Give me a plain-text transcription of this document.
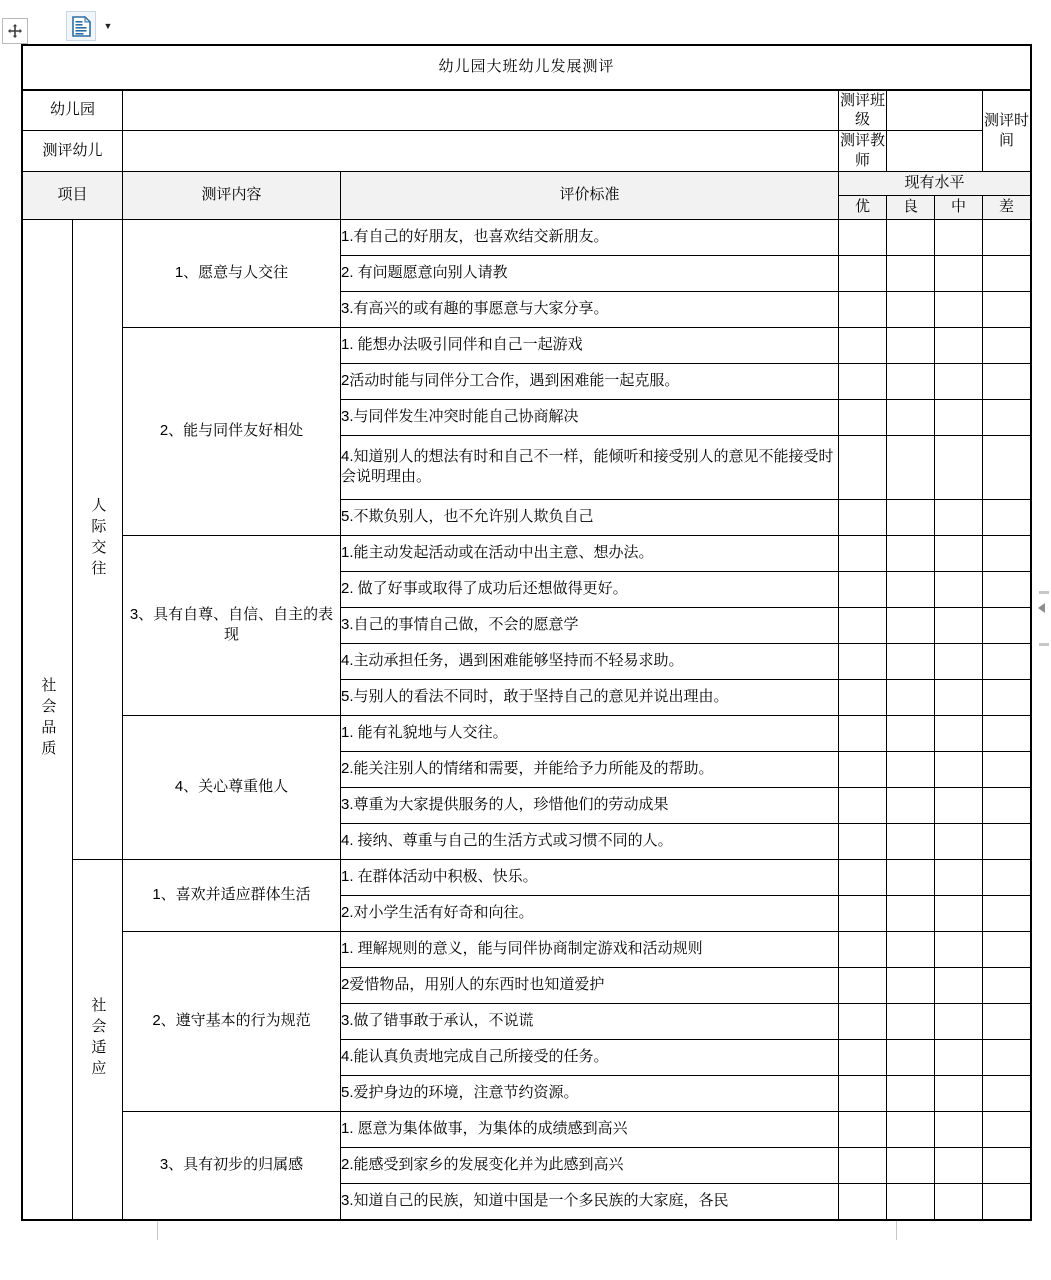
▼
幼儿园大班幼儿发展测评								
幼儿园				测评班级			测评时间	
测评幼儿				测评教师				
项目		测评内容	评价标准	现有水平				
				优	良	中	差	
社会品质	人际交往	1、愿意与人交往	1.有自己的好朋友，也喜欢结交新朋友。					
			2. 有问题愿意向别人请教					
			3.有高兴的或有趣的事愿意与大家分享。					
		2、能与同伴友好相处	1. 能想办法吸引同伴和自己一起游戏					
			2活动时能与同伴分工合作，遇到困难能一起克服。					
			3.与同伴发生冲突时能自己协商解决					
			4.知道别人的想法有时和自己不一样，能倾听和接受别人的意见不能接受时会说明理由。					
			5.不欺负别人，也不允许别人欺负自己					
		3、具有自尊、自信、自主的表现	1.能主动发起活动或在活动中出主意、想办法。					
			2. 做了好事或取得了成功后还想做得更好。					
			3.自己的事情自己做，不会的愿意学					
			4.主动承担任务，遇到困难能够坚持而不轻易求助。					
			5.与别人的看法不同时，敢于坚持自己的意见并说出理由。					
		4、关心尊重他人	1. 能有礼貌地与人交往。					
			2.能关注别人的情绪和需要，并能给予力所能及的帮助。					
			3.尊重为大家提供服务的人，珍惜他们的劳动成果					
			4. 接纳、尊重与自己的生活方式或习惯不同的人。					
	社会适应	1、喜欢并适应群体生活	1. 在群体活动中积极、快乐。					
			2.对小学生活有好奇和向往。					
		2、遵守基本的行为规范	1. 理解规则的意义，能与同伴协商制定游戏和活动规则					
			2爱惜物品，用别人的东西时也知道爱护					
			3.做了错事敢于承认，不说谎					
			4.能认真负责地完成自己所接受的任务。					
			5.爱护身边的环境，注意节约资源。					
		3、具有初步的归属感	1. 愿意为集体做事，为集体的成绩感到高兴					
			2.能感受到家乡的发展变化并为此感到高兴					
			3.知道自己的民族，知道中国是一个多民族的大家庭，各民					
